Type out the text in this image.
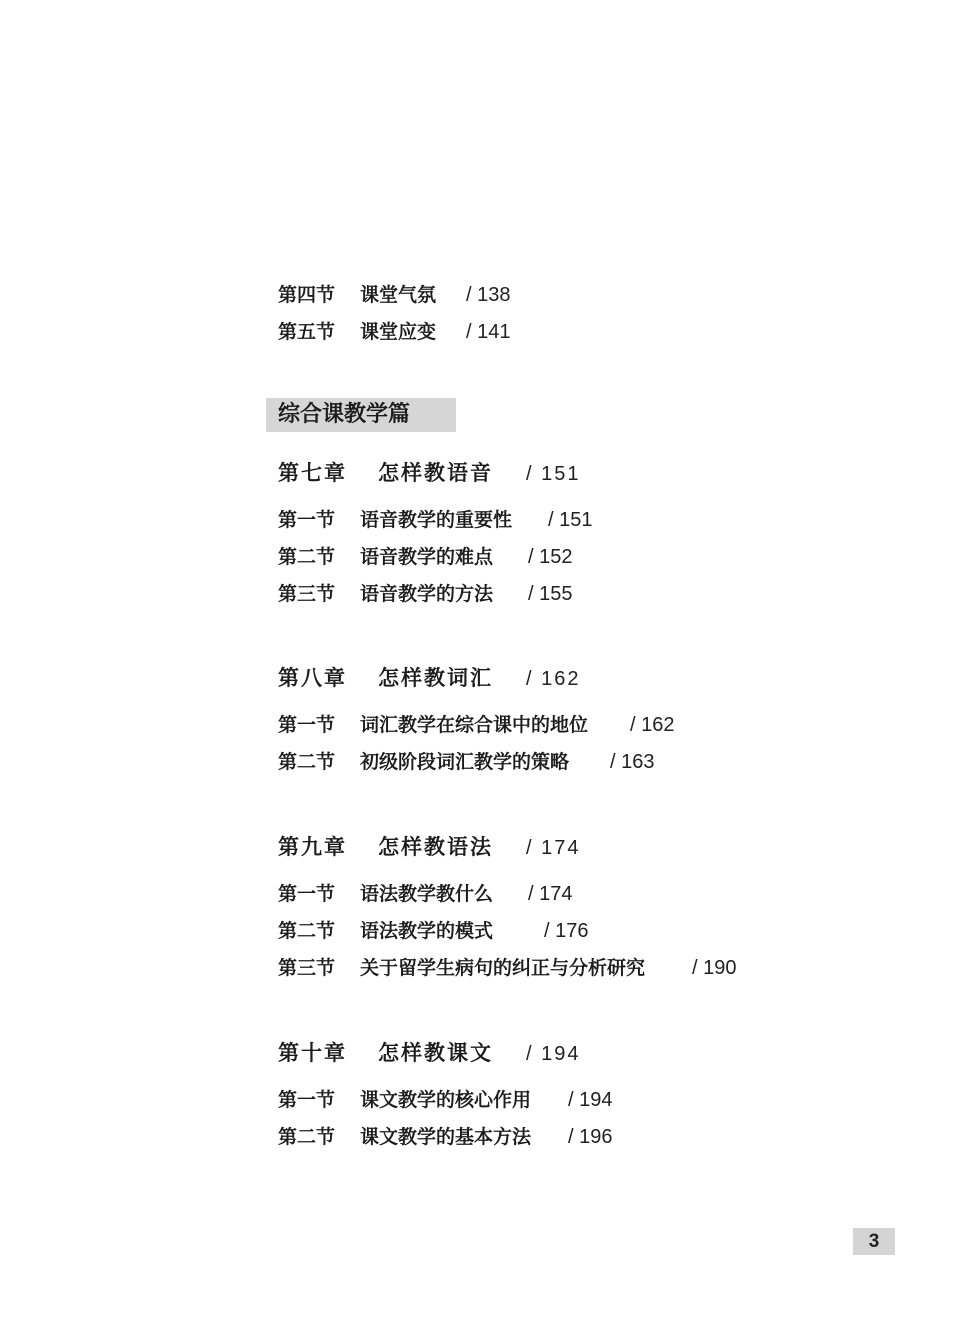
第四节	课堂气氛	/ 138
第五节	课堂应变	/ 141
综合课教学篇
第七章	怎样教语音	/ 151
第一节	语音教学的重要性	/ 151
第二节	语音教学的难点	/ 152
第三节	语音教学的方法	/ 155
第八章	怎样教词汇	/ 162
第一节	词汇教学在综合课中的地位	/ 162
第二节	初级阶段词汇教学的策略	/ 163
第九章	怎样教语法	/ 174
第一节	语法教学教什么	/ 174
第二节	语法教学的模式	/ 176
第三节	关于留学生病句的纠正与分析研究	/ 190
第十章	怎样教课文	/ 194
第一节	课文教学的核心作用	/ 194
第二节	课文教学的基本方法	/ 196
3
